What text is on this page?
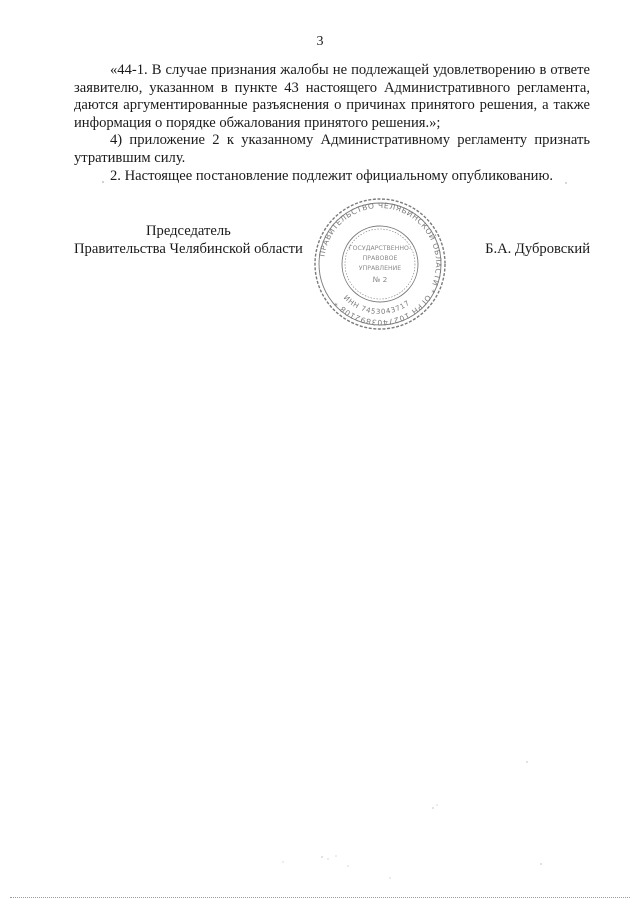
3

«44-1. В случае признания жалобы не подлежащей удовлетворению в ответе заявителю, указанном в пункте 43 настоящего Административного регламента, даются аргументированные разъяснения о причинах принятого решения, а также информация о порядке обжалования принятого решения.»;

4) приложение 2 к указанному Административному регламенту признать утратившим силу.

2. Настоящее постановление подлежит официальному опубликованию.

Председатель
Правительства Челябинской области	Б.А. Дубровский
ПРАВИТЕЛЬСТВО ЧЕЛЯБИНСКОЙ ОБЛАСТИ * ОГРН 1027403892108 * ИНН 7453043717
ГОСУДАРСТВЕННО-
ПРАВОВОЕ
УПРАВЛЕНИЕ
№ 2
